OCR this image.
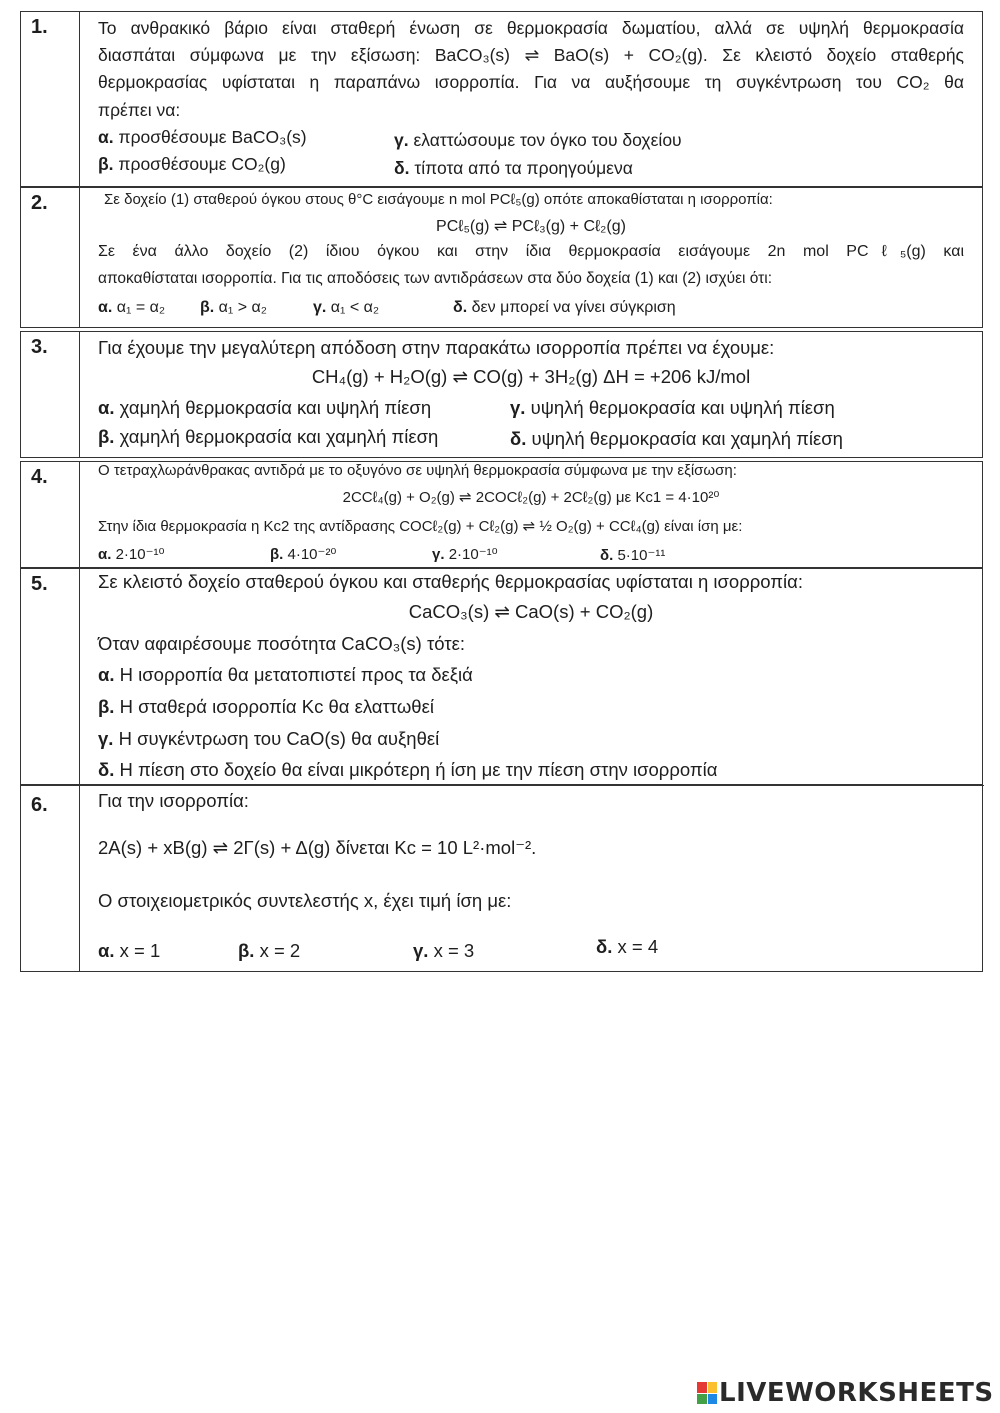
1.	Το ανθρακικό βάριο είναι σταθερή ένωση σε θερμοκρασία δωματίου, αλλά σε υψηλή θερμοκρασία
διασπάται σύμφωνα με την εξίσωση: BaCO₃(s) ⇌ BaO(s) + CO₂(g). Σε κλειστό δοχείο σταθερής
θερμοκρασίας υφίσταται η παραπάνω ισορροπία. Για να αυξήσουμε τη συγκέντρωση του CO₂ θα
πρέπει να:
α. προσθέσουμε BaCO₃(s)	γ. ελαττώσουμε τον όγκο του δοχείου
β. προσθέσουμε CO₂(g)	δ. τίποτα από τα προηγούμενα
2.	Σε δοχείο (1) σταθερού όγκου στους θ°C εισάγουμε n mol PCℓ₅(g) οπότε αποκαθίσταται η ισορροπία:
PCℓ₅(g) ⇌ PCℓ₃(g) + Cℓ₂(g)
Σε ένα άλλο δοχείο (2) ίδιου όγκου και στην ίδια θερμοκρασία εισάγουμε 2n mol PCℓ₅(g) και
αποκαθίσταται ισορροπία. Για τις αποδόσεις των αντιδράσεων στα δύο δοχεία (1) και (2) ισχύει ότι:
α. α₁ = α₂ β. α₁ > α₂	γ. α₁ < α₂	δ. δεν μπορεί να γίνει σύγκριση
3.	Για έχουμε την μεγαλύτερη απόδοση στην παρακάτω ισορροπία πρέπει να έχουμε:
CH₄(g) + H₂O(g) ⇌ CO(g) + 3H₂(g) ΔH = +206 kJ/mol
α. χαμηλή θερμοκρασία και υψηλή πίεση	γ. υψηλή θερμοκρασία και υψηλή πίεση
β. χαμηλή θερμοκρασία και χαμηλή πίεση	δ. υψηλή θερμοκρασία και χαμηλή πίεση
4.	Ο τετραχλωράνθρακας αντιδρά με το οξυγόνο σε υψηλή θερμοκρασία σύμφωνα με την εξίσωση:
2CCℓ₄(g) + O₂(g) ⇌ 2COCℓ₂(g) + 2Cℓ₂(g) με Kc1 = 4·10²⁰
Στην ίδια θερμοκρασία η Kc2 της αντίδρασης COCℓ₂(g) + Cℓ₂(g) ⇌ ½ O₂(g) + CCℓ₄(g) είναι ίση με:
α. 2·10⁻¹⁰	β. 4·10⁻²⁰	γ. 2·10⁻¹⁰	δ. 5·10⁻¹¹
5.	Σε κλειστό δοχείο σταθερού όγκου και σταθερής θερμοκρασίας υφίσταται η ισορροπία:
CaCO₃(s) ⇌ CaO(s) + CO₂(g)
Όταν αφαιρέσουμε ποσότητα CaCO₃(s) τότε:
α. Η ισορροπία θα μετατοπιστεί προς τα δεξιά
β. Η σταθερά ισορροπία Kc θα ελαττωθεί
γ. Η συγκέντρωση του CaO(s) θα αυξηθεί
δ. Η πίεση στο δοχείο θα είναι μικρότερη ή ίση με την πίεση στην ισορροπία
6.	Για την ισορροπία:
2A(s) + xB(g) ⇌ 2Γ(s) + Δ(g) δίνεται Kc = 10 L²·mol⁻².
Ο στοιχειομετρικός συντελεστής x, έχει τιμή ίση με:
α. x = 1	β. x = 2	γ. x = 3	δ. x = 4
LIVEWORKSHEETS
